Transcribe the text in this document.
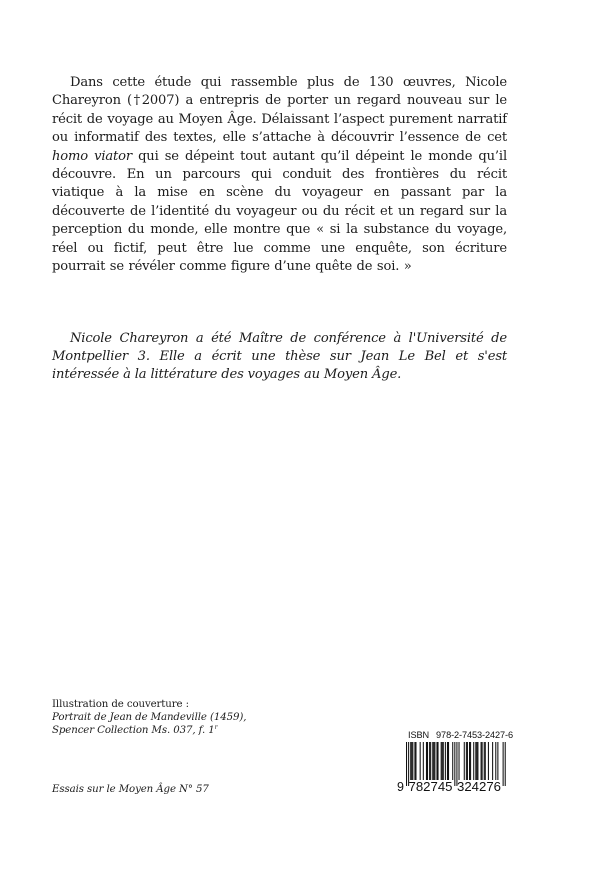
Dans cette étude qui rassemble plus de 130 œuvres, Nicole Chareyron (†2007) a entrepris de porter un regard nouveau sur le récit de voyage au Moyen Âge. Délaissant l’aspect purement narratif ou informatif des textes, elle s’attache à découvrir l’essence de cet homo viator qui se dépeint tout autant qu’il dépeint le monde qu’il découvre. En un parcours qui conduit des frontières du récit viatique à la mise en scène du voyageur en passant par la découverte de l’identité du voyageur ou du récit et un regard sur la perception du monde, elle montre que « si la substance du voyage, réel ou fictif, peut être lue comme une enquête, son écriture pourrait se révéler comme figure d’une quête de soi. »

Nicole Chareyron a été Maître de conférence à l'Université de Montpellier 3. Elle a écrit une thèse sur Jean Le Bel et s'est intéressée à la littérature des voyages au Moyen Âge.

Illustration de couverture :
Portrait de Jean de Mandeville (1459),
Spencer Collection Ms. 037, f. 1$^r$
Essais sur le Moyen Âge N° 57
ISBN 978-2-7453-2427-6
9 782745 324276
